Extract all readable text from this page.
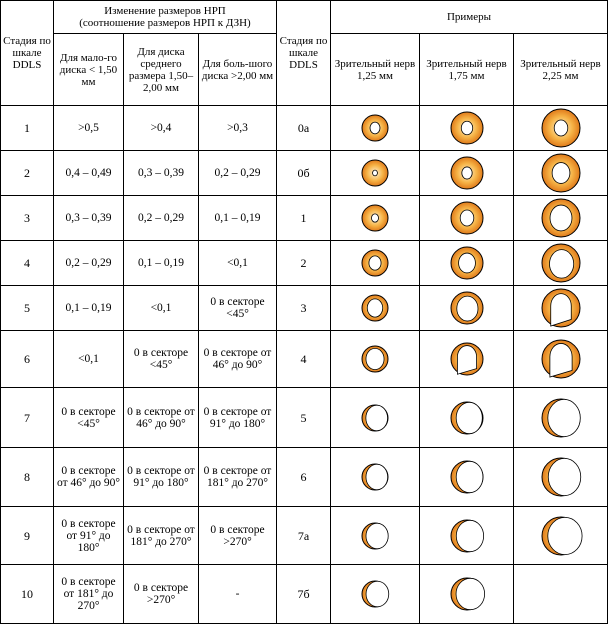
Стадия по шкале DDLS	Изменение размеров НРП
(соотношение размеров НРП к ДЗН)			Стадия по шкале DDLS	Примеры		
	Для мало-го диска < 1,50 мм	Для диска среднего размера 1,50–2,00 мм	Для боль-шого диска >2,00 мм		Зрительный нерв 1,25 мм	Зрительный нерв 1,75 мм	Зрительный нерв 2,25 мм
1	>0,5	>0,4	>0,3	0а	

2	0,4 – 0,49	0,3 – 0,39	0,2 – 0,29	0б	

3	0,3 – 0,39	0,2 – 0,29	0,1 – 0,19	1	

4	0,2 – 0,29	0,1 – 0,19	<0,1	2	

5	0,1 – 0,19	<0,1	0 в секторе <45°	3	

6	<0,1	0 в секторе <45°	0 в секторе от 46° до 90°	4	

7	0 в секторе <45°	0 в секторе от 46° до 90°	0 в секторе от 91° до 180°	5	

8	0 в секторе от 46° до 90°	0 в секторе от 91° до 180°	0 в секторе от 181° до 270°	6	

9	0 в секторе от 91° до 180°	0 в секторе от 181° до 270°	0 в секторе >270°	7а	

10	0 в секторе от 181° до 270°	0 в секторе >270°	-	7б	
